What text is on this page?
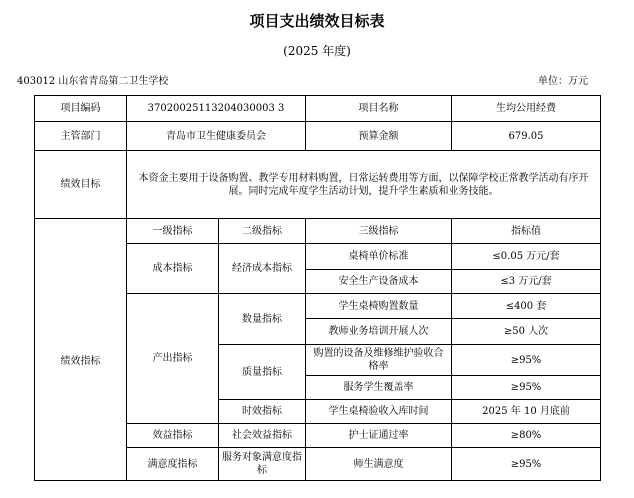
项目支出绩效目标表
(2025 年度)
403012 山东省青岛第二卫生学校	单位：万元
项目编码	37020025113204030003 3		项目名称	生均公用经费
主管部门	青岛市卫生健康委员会		预算金额	679.05
绩效目标	本资金主要用于设备购置、教学专用材料购置，日常运转费用等方面，以保障学校正常教学活动有序开展。同时完成年度学生活动计划，提升学生素质和业务技能。			
	一级指标	二级指标	三级指标	指标值
绩效指标	成本指标	经济成本指标	桌椅单价标准	≤0.05 万元/套
			安全生产设备成本	≤3 万元/套
	产出指标	数量指标	学生桌椅购置数量	≤400 套
			教师业务培训开展人次	≥50 人次
		质量指标	购置的设备及维修维护验收合格率	≥95%
			服务学生覆盖率	≥95%
		时效指标	学生桌椅验收入库时间	2025 年 10 月底前
	效益指标	社会效益指标	护士证通过率	≥80%
	满意度指标	服务对象满意度指标	师生满意度	≥95%
